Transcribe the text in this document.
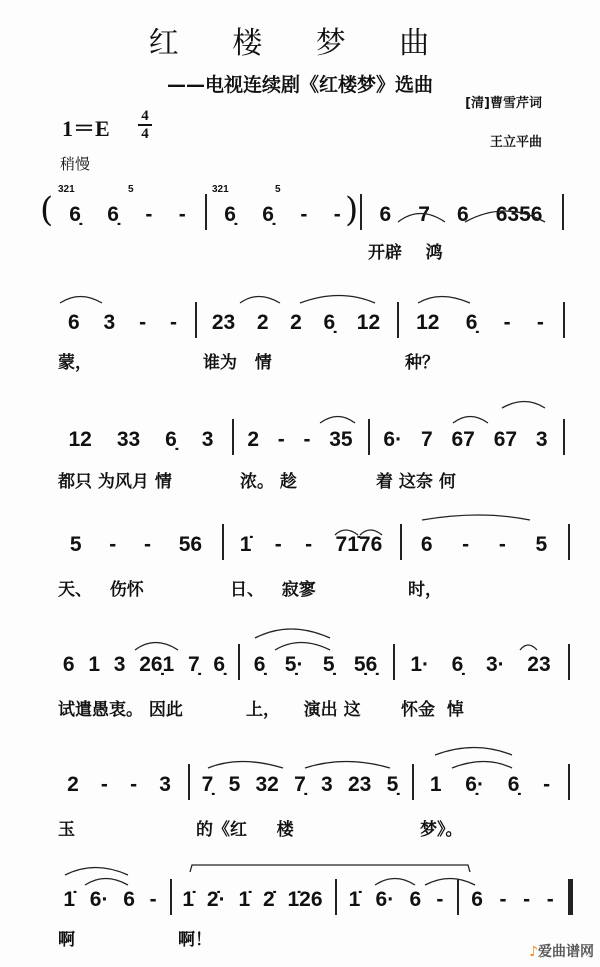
红 楼 梦 曲
——电视连续剧《红楼梦》选曲
1＝E 4
4
[清]曹雪芹词
王立平曲
稍慢
6̣ 6̣ - - 6̣ 6̣ - - 6 7 6 6356
开辟    鸿
(	)
321	321
5	5
6 3 - -
蒙，
23 2 2 6̣ 12
谁为   情
12 6̣ - -
种？
12 33 6̣ 3
都只 为风月 情
2 - - 35
浓。 趁
6· 7 67 67 3
着 这奈 何
5 - - 56
天、   伤怀
1̇ - - 71̇76
日、   寂寥
6 - - 5
时，
6 1 3 26̣1 7̣ 6̣
试遣愚衷。 因此
6̣ 5̣· 5̣ 5̣6̣
上，    演出 这
1· 6̣ 3· 23
怀金  悼
2 - - 3
玉
7̣ 5 32 7̣ 3 23 5̣
的《红     楼
1 6̣· 6̣ -
梦》。
1̇ 6· 6 -
啊
1̇ 2̇· 1̇ 2̇ 1̇26
啊！
1̇ 6· 6 - 6 - - -
♪爱曲谱网
